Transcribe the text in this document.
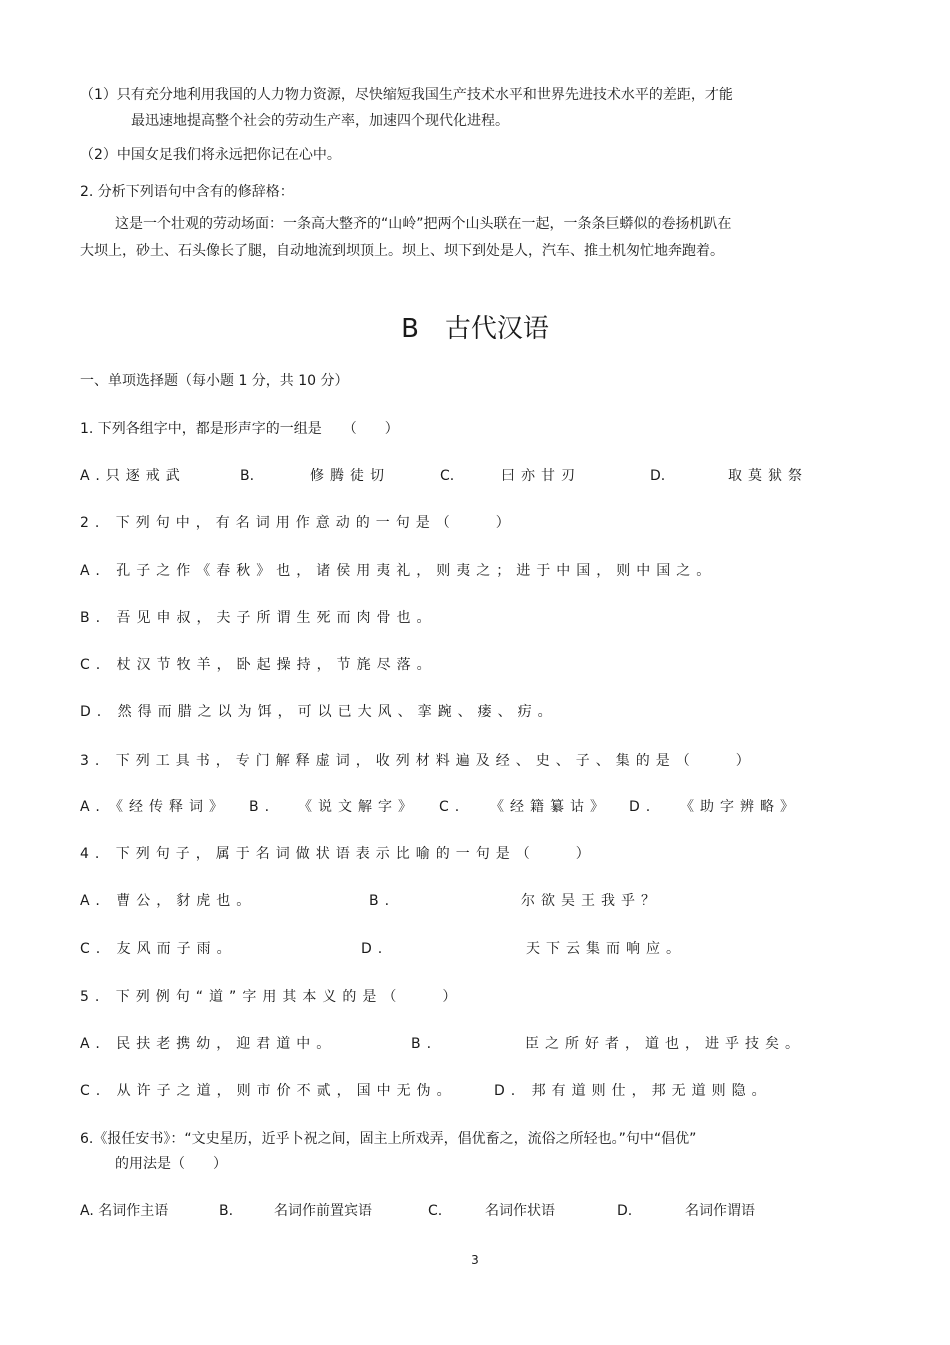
（1）只有充分地利用我国的人力物力资源，尽快缩短我国生产技术水平和世界先进技术水平的差距，才能

最迅速地提高整个社会的劳动生产率，加速四个现代化进程。

（2）中国女足我们将永远把你记在心中。

2. 分析下列语句中含有的修辞格：

这是一个壮观的劳动场面：一条高大整齐的“山岭”把两个山头联在一起，一条条巨蟒似的卷扬机趴在

大坝上，砂土、石头像长了腿，自动地流到坝顶上。坝上、坝下到处是人，汽车、推土机匆忙地奔跑着。

B　古代汉语

一、单项选择题（每小题 1 分，共 10 分）

1. 下列各组字中，都是形声字的一组是　　（　　）

A.只逐戒武	B.	修腾徒切	C.	曰亦甘刃	D.	取莫狱祭

2. 下列句中，有名词用作意动的一句是（　　）

A. 孔子之作《春秋》也，诸侯用夷礼，则夷之；进于中国，则中国之。

B. 吾见申叔，夫子所谓生死而肉骨也。

C. 杖汉节牧羊，卧起操持，节旄尽落。

D. 然得而腊之以为饵，可以已大风、挛踠、瘘、疠。

3. 下列工具书，专门解释虚词，收列材料遍及经、史、子、集的是（　　）

A. 《经传释词》 B. 《说文解字》 C. 《经籍纂诂》 D. 《助字辨略》

4. 下列句子，属于名词做状语表示比喻的一句是（　　）

A. 曹公，豺虎也。	B.	尔欲吴王我乎？
C. 友风而子雨。	D.	天下云集而响应。

5. 下列例句“道”字用其本义的是（　　）

A. 民扶老携幼，迎君道中。	B.	臣之所好者，道也，进乎技矣。
C. 从许子之道，则市价不贰，国中无伪。	D. 邦有道则仕，邦无道则隐。

6.《报任安书》：“文史星历，近乎卜祝之间，固主上所戏弄，倡优畜之，流俗之所轻也。”句中“倡优”

的用法是（　　）

A. 名词作主语	B.	名词作前置宾语	C.	名词作状语	D.	名词作谓语
3
